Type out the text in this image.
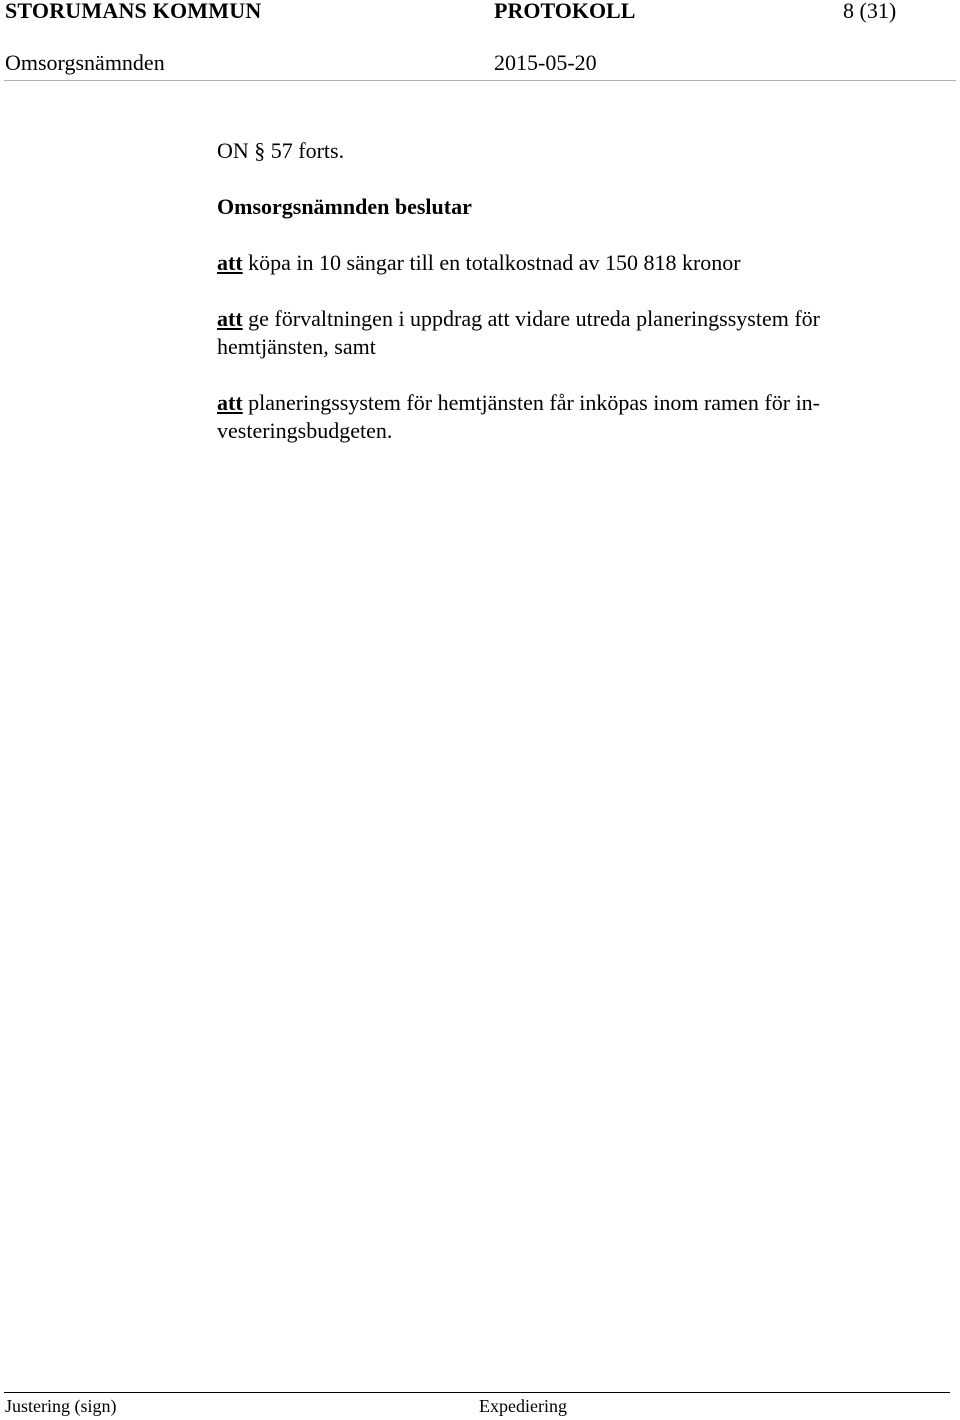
STORUMANS KOMMUN	PROTOKOLL	8 (31)
Omsorgsnämnden	2015-05-20
ON § 57 forts.
Omsorgsnämnden beslutar
att köpa in 10 sängar till en totalkostnad av 150 818 kronor
att ge förvaltningen i uppdrag att vidare utreda planeringssystem för hemtjänsten, samt
att planeringssystem för hemtjänsten får inköpas inom ramen för in- vesteringsbudgeten.
Justering (sign)	Expediering
